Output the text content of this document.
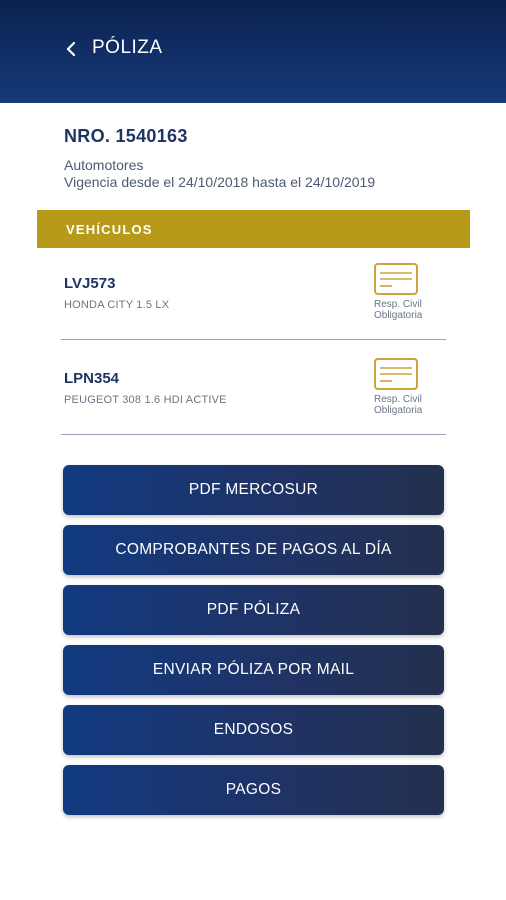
PÓLIZA
NRO. 1540163
Automotores
Vigencia desde el 24/10/2018 hasta el 24/10/2019
VEHÍCULOS
LVJ573
HONDA CITY 1.5 LX	Resp. Civil Obligatoria
LPN354
PEUGEOT 308 1.6 HDI ACTIVE	Resp. Civil Obligatoria
PDF MERCOSUR
COMPROBANTES DE PAGOS AL DÍA
PDF PÓLIZA
ENVIAR PÓLIZA POR MAIL
ENDOSOS
PAGOS
